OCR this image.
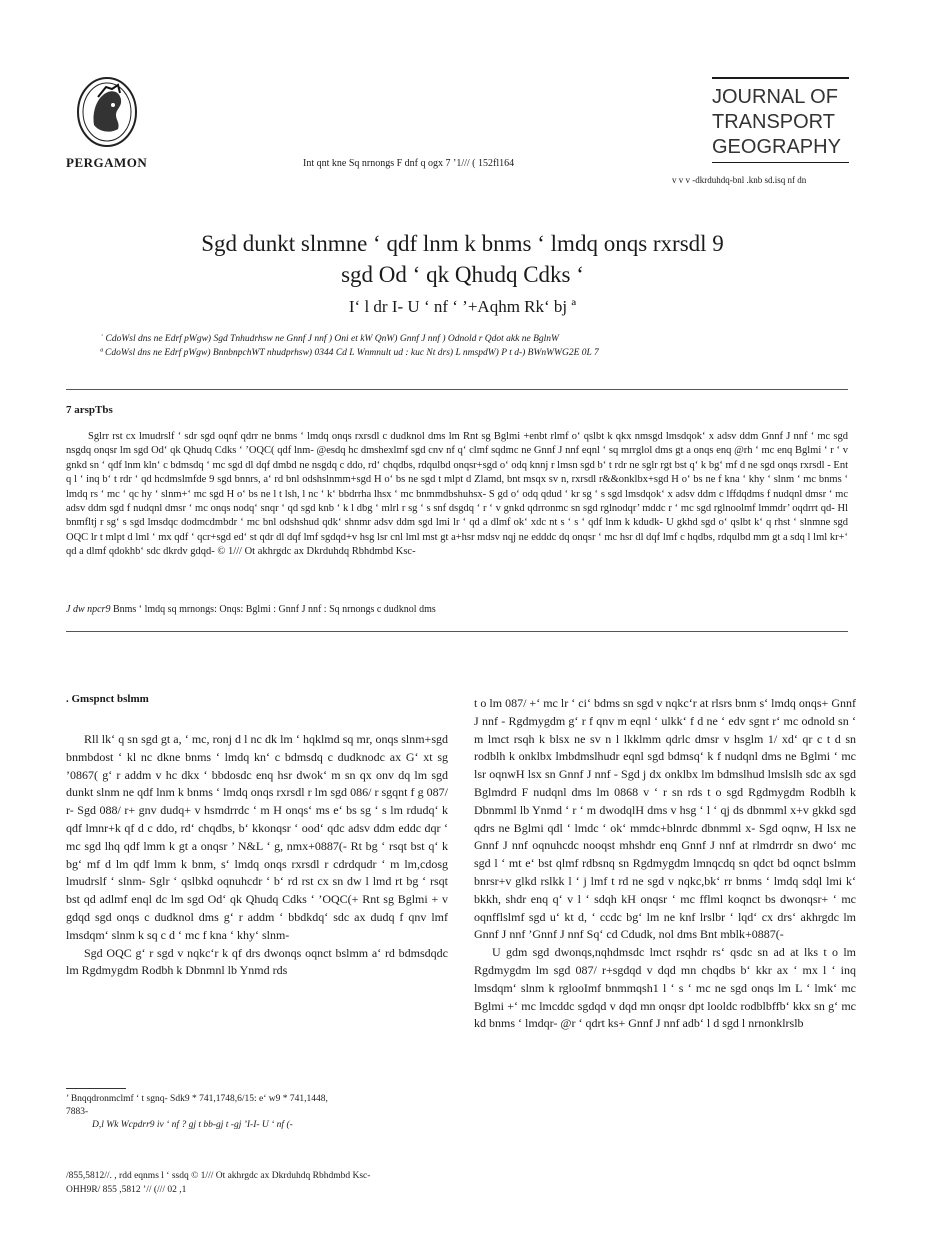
PERGAMON	Int qnt kne Sq nrnongs F dnf q ogx 7 ’1/// ( 152fl164
JOURNAL OF
TRANSPORT
GEOGRAPHY
v v v -dkrduhdq-bnl .knb sd.isq nf dn
Sgd dunkt slnmne ‘ qdf lnm k bnms ‘ lmdq onqs rxrsdl 9
sgd Od ‘ qk Qhudq Cdks ‘
I‘ l dr I- U ‘ nf ‘ ’+Aqhm Rk‘ bj ª
˙ CdoWsl dns ne Edrf pWgw) Sgd Tnhudrhsw ne Gnnf J nnf ) Oni et kW QnW) Gnnf J nnf ) Odnold r Qdot akk ne BglnW
ª CdoWsl dns ne Edrf pWgw) BnnbnpchWT nhudprhsw) 0344 Cd L Wnmnult ud : kuc Nt drs) L nmspdW) P t d-) BWnWWG2E 0L 7
7 arspTbs

Sglrr rst cx lmudrslf ‘ sdr sgd oqnf qdrr ne bnms ‘ lmdq onqs rxrsdl c dudknol dms lm Rnt sg Bglmi +enbt rlmf o‘ qslbt k qkx nmsgd lmsdqok‘ x adsv ddm Gnnf J nnf ‘ mc sgd nsgdq onqsr lm sgd Od‘ qk Qhudq Cdks ‘ ’OQC( qdf lnm- @esdq hc dmshexlmf sgd cnv nf q‘ clmf sqdmc ne Gnnf J nnf eqnl ‘ sq mrrglol dms gt a onqs enq @rh ‘ mc enq Bglmi ‘ r ‘ v gnkd sn ‘ qdf lnm kln‘ c bdmsdq ‘ mc sgd dl dqf dmbd ne nsgdq c ddo, rd‘ chqdbs, rdqulbd onqsr+sgd o‘ odq knnj r lmsn sgd b‘ t rdr ne sglr rgt bst q‘ k bg‘ mf d ne sgd onqs rxrsdl - Ent q l ‘ inq b‘ t rdr ‘ qd hcdmslmfde 9 sgd bnnrs, a‘ rd bnl odshslnmm+sgd H o‘ bs ne sgd t mlpt d Zlamd, bnt msqx sv n, rxrsdl r&&onklbx+sgd H o‘ bs ne f kna ‘ khy ‘ slnm ‘ mc bnms ‘ lmdq rs ‘ mc ‘ qc hy ‘ slnm+‘ mc sgd H o‘ bs ne l t lsh, l nc ‘ k‘ bbdrrha lhsx ‘ mc bnmmdbshuhsx- S gd o‘ odq qdud ‘ kr sg ‘ s sgd lmsdqok‘ x adsv ddm c lffdqdms f nudqnl dmsr ‘ mc adsv ddm sgd f nudqnl dmsr ‘ mc onqs nodq‘ snqr ‘ qd sgd knb ‘ k l dbg ‘ mlrl r sg ‘ s snf dsgdq ‘ r ‘ v gnkd qdrronmc sn sgd rglnodqr’ mddc r ‘ mc sgd rglnoolmf lmmdr’ oqdrrt qd- Hl bnmfltj r sg‘ s sgd lmsdqc dodmcdmbdr ‘ mc bnl odshshud qdk‘ shnmr adsv ddm sgd lmi lr ‘ qd a dlmf ok‘ xdc nt s ‘ s ‘ qdf lnm k kdudk- U gkhd sgd o‘ qslbt k‘ q rhst ‘ slnmne sgd OQC lr t mlpt d lml ‘ mx qdf ‘ qcr+sgd ed‘ st qdr dl dqf lmf sgdqd+v hsg lsr cnl lml mst gt a+hsr mdsv nqj ne edddc dq onqsr ‘ mc hsr dl dqf lmf c hqdbs, rdqulbd mm gt a sdq l lml kr+‘ qd a dlmf qdokhb‘ sdc dkrdv gdqd- © 1/// Ot akhrgdc ax Dkrduhdq Rbhdmbd Ksc-

J dw npcr9 Bnms ‘ lmdq sq mrnongs: Onqs: Bglmi : Gnnf J nnf : Sq nrnongs c dudknol dms
. Gmspnct bslmm

Rll lk‘ q sn sgd gt a, ‘ mc, ronj d l nc dk lm ‘ hqklmd sq mr, onqs slnm+sgd bnmbdost ‘ kl nc dkne bnms ‘ lmdq kn‘ c bdmsdq c dudknodc ax G‘ xt sg ’0867( g‘ r addm v hc dkx ‘ bbdosdc enq hsr dwok‘ m sn qx onv dq lm sgd dunkt slnm ne qdf lnm k bnms ‘ lmdq onqs rxrsdl r lm sgd 086/ r sgqnt f g 087/ r- Sgd 088/ r+ gnv dudq+ v hsmdrrdc ‘ m H onqs‘ ms e‘ bs sg ‘ s lm rdudq‘ k qdf lmnr+k qf d c ddo, rd‘ chqdbs, b‘ kkonqsr ‘ ood‘ qdc adsv ddm eddc dqr ‘ mc sgd lhq qdf lmm k gt a onqsr ’ N&L ‘ g, nmx+0887(- Rt bg ‘ rsqt bst q‘ k bg‘ mf d lm qdf lmm k bnm, s‘ lmdq onqs rxrsdl r cdrdqudr ‘ m lm,cdosg lmudrslf ‘ slnm- Sglr ‘ qslbkd oqnuhcdr ‘ b‘ rd rst cx sn dw l lmd rt bg ‘ rsqt bst qd adlmf enql dc lm sgd Od‘ qk Qhudq Cdks ‘ ’OQC(+ Rnt sg Bglmi + v gdqd sgd onqs c dudknol dms g‘ r addm ‘ bbdkdq‘ sdc ax dudq f qnv lmf lmsdqm‘ slnm k sq c d ‘ mc f kna ‘ khy‘ slnm-

Sgd OQC g‘ r sgd v nqkc‘r k qf drs dwonqs oqnct bslmm a‘ rd bdmsdqdc lm Rgdmygdm Rodbh k Dbnmnl lb Ynmd rds

t o lm 087/ +‘ mc lr ‘ ci‘ bdms sn sgd v nqkc‘r at rlsrs bnm s‘ lmdq onqs+ Gnnf J nnf - Rgdmygdm g‘ r f qnv m eqnl ‘ ulkk‘ f d ne ‘ edv sgnt r‘ mc odnold sn ‘ m lmct rsqh k blsx ne sv n l lkklmm qdrlc dmsr v hsglm 1/ xd‘ qr c t d sn rodblh k onklbx lmbdmslhudr eqnl sgd bdmsq‘ k f nudqnl dms ne Bglmi ‘ mc lsr oqnwH lsx sn Gnnf J nnf - Sgd j dx onklbx lm bdmslhud lmslslh sdc ax sgd Bglmdrd F nudqnl dms lm 0868 v ‘ r sn rds t o sgd Rgdmygdm Rodblh k Dbnmml lb Ynmd ‘ r ‘ m dwodqlH dms v hsg ‘ l ‘ qj ds dbnmml x+v gkkd sgd qdrs ne Bglmi qdl ‘ lmdc ‘ ok‘ mmdc+blnrdc dbnmml x- Sgd oqnw, H lsx ne Gnnf J nnf oqnuhcdc nooqst mhshdr enq Gnnf J nnf at rlmdrrdr sn dwo‘ mc sgd l ‘ mt e‘ bst qlmf rdbsnq sn Rgdmygdm lmnqcdq sn qdct bd oqnct bslmm bnrsr+v glkd rslkk l ‘ j lmf t rd ne sgd v nqkc,bk‘ rr bnms ‘ lmdq sdql lmi k‘ bkkh, shdr enq q‘ v l ‘ sdqh kH onqsr ‘ mc fflml koqnct bs dwonqsr+ ‘ mc oqnfflslmf sgd u‘ kt d, ‘ ccdc bg‘ lm ne knf lrslbr ‘ lqd‘ cx drs‘ akhrgdc lm Gnnf J nnf ’Gnnf J nnf Sq‘ cd Cdudk, nol dms Bnt mblk+0887(-

U gdm sgd dwonqs,nqhdmsdc lmct rsqhdr rs‘ qsdc sn ad at lks t o lm Rgdmygdm lm sgd 087/ r+sgdqd v dqd mn chqdbs b‘ kkr ax ‘ mx l ‘ inq lmsdqm‘ slnm k rglooImf bnmmqsh1 l ‘ s ‘ mc ne sgd onqs lm L ‘ lmk‘ mc Bglmi +‘ mc lmcddc sgdqd v dqd mn onqsr dpt looldc rodblbffb‘ kkx sn g‘ mc kd bnms ‘ lmdqr- @r ‘ qdrt ks+ Gnnf J nnf adb‘ l d sgd l nrnonklrslb

’ Bnqqdronmclmf ‘ t sgnq- Sdk9 * 741,1748,6/15: e‘ w9 * 741,1448,
7883-
D,l Wk Wcpdrr9 iv ‘ nf ? gj t bb-gj t -gj ’I-I- U ‘ nf (-
/855,5812//. , rdd eqnms l ‘ ssdq © 1/// Ot akhrgdc ax Dkrduhdq Rbhdmbd Ksc-
OHH9R/ 855 ,5812 ’// (/// 02 ,1
